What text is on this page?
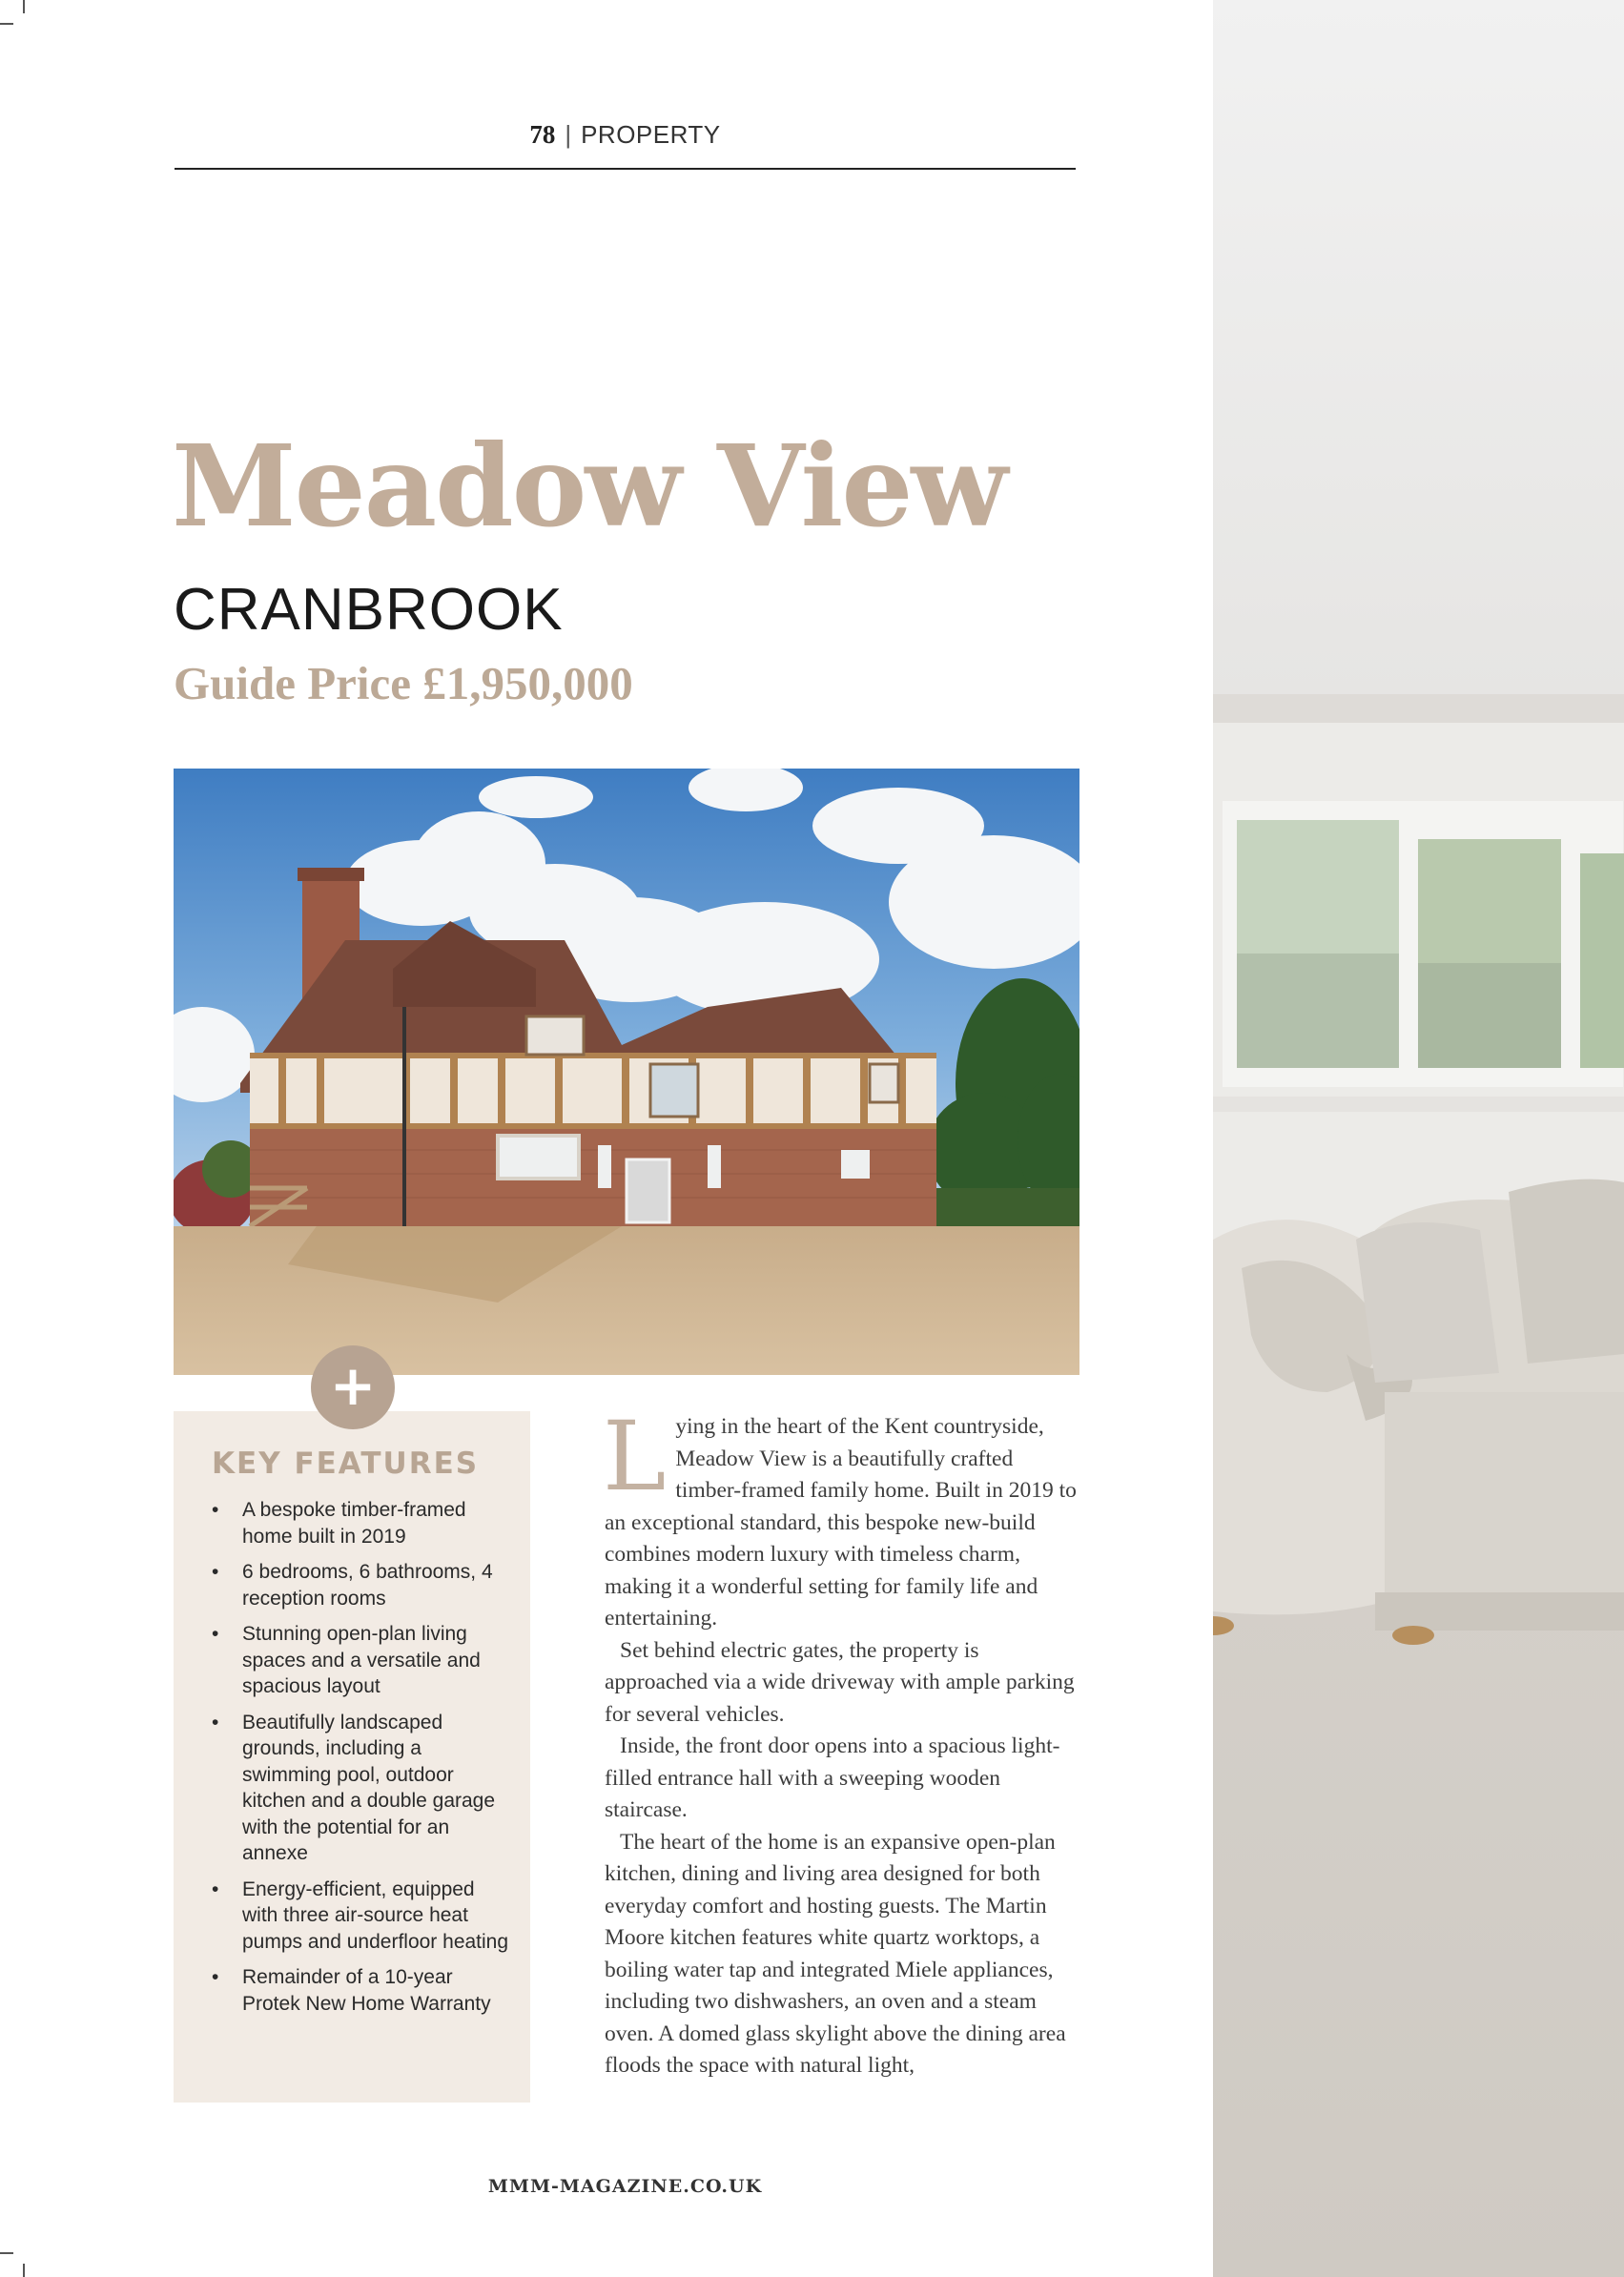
78 | PROPERTY
Meadow View
CRANBROOK
Guide Price £1,950,000
+
KEY FEATURES
• A bespoke timber-framed home built in 2019
• 6 bedrooms, 6 bathrooms, 4 reception rooms
• Stunning open-plan living spaces and a versatile and spacious layout
• Beautifully landscaped grounds, including a swimming pool, outdoor kitchen and a double garage with the potential for an annexe
• Energy-efficient, equipped with three air-source heat pumps and underfloor heating
• Remainder of a 10-year Protek New Home Warranty

Lying in the heart of the Kent countryside, Meadow View is a beautifully crafted timber-framed family home. Built in 2019 to an exceptional standard, this bespoke new-build combines modern luxury with timeless charm, making it a wonderful setting for family life and entertaining.

Set behind electric gates, the property is approached via a wide driveway with ample parking for several vehicles.

Inside, the front door opens into a spacious light-filled entrance hall with a sweeping wooden staircase.

The heart of the home is an expansive open-plan kitchen, dining and living area designed for both everyday comfort and hosting guests. The Martin Moore kitchen features white quartz worktops, a boiling water tap and integrated Miele appliances, including two dishwashers, an oven and a steam oven. A domed glass skylight above the dining area floods the space with natural light,

MMM-MAGAZINE.CO.UK
